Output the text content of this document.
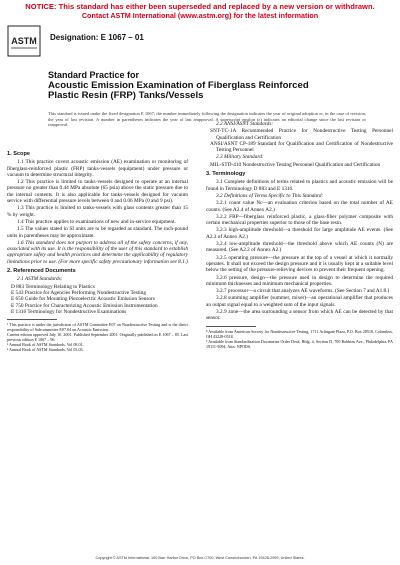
NOTICE: This standard has either been superseded and replaced by a new version or withdrawn.
Contact ASTM International (www.astm.org) for the latest information
ASTM Designation: E 1067 – 01
Standard Practice for
Acoustic Emission Examination of Fiberglass Reinforced
Plastic Resin (FRP) Tanks/Vessels
This standard is issued under the fixed designation E 1067; the number immediately following the designation indicates the year of original adoption or, in the case of revision, the year of last revision. A number in parentheses indicates the year of last reapproval. A superscript epsilon (ε) indicates an editorial change since the last revision or reapproval.
1. Scope

1.1 This practice covers acoustic emission (AE) examination or monitoring of fiberglass-reinforced plastic (FRP) tanks-vessels (equipment) under pressure or vacuum to determine structural integrity.

1.2 This practice is limited to tanks-vessels designed to operate at an internal pressure no greater than 0.44 MPa absolute (65 psia) above the static pressure due to the internal contents. It is also applicable for tanks-vessels designed for vacuum service with differential pressure levels between 0 and 0.06 MPa (0 and 9 psi).

1.3 This practice is limited to tanks-vessels with glass contents greater than 15 % by weight.

1.4 This practice applies to examinations of new and in-service equipment.

1.5 The values stated in SI units are to be regarded as standard. The inch-pound units in parentheses may be approximate.

1.6 This standard does not purport to address all of the safety concerns, if any, associated with its use. It is the responsibility of the user of this standard to establish appropriate safety and health practices and determine the applicability of regulatory limitations prior to use. (For more specific safety precautionary information see 8.1.)

2. Referenced Documents
2.1 ASTM Standards:

D 883 Terminology Relating to Plastics

E 543 Practice for Agencies Performing Nondestructive Testing

E 650 Guide for Mounting Piezoelectric Acoustic Emission Sensors

E 750 Practice for Characterizing Acoustic Emission Instrumentation

E 1316 Terminology for Nondestructive Examinations

¹ This practice is under the jurisdiction of ASTM Committee E07 on Nondestructive Testing and is the direct responsibility of Subcommittee E07.04 on Acoustic Emission.

Current edition approved July 10, 2001. Published September 2001. Originally published as E 1067 – 85. Last previous edition E 1067 – 96.

² Annual Book of ASTM Standards, Vol 08.01.

³ Annual Book of ASTM Standards, Vol 03.03.

2.2 ANSI/ASNT Standards:

SNT-TC-1A Recommended Practice for Nondestructive Testing Personnel Qualification and Certification

ANSI/ASNT CP-189 Standard for Qualification and Certification of Nondestructive Testing Personnel

2.3 Military Standard:

MIL-STD-410 Nondestructive Testing Personnel Qualification and Certification

3. Terminology

3.1 Complete definitions of terms related to plastics and acoustic emission will be found in Terminology D 883 and E 1316.

3.2 Definitions of Terms Specific to This Standard:

3.2.1 count value Nc—an evaluation criterion based on the total number of AE counts. (See A2.4 of Annex A2.)

3.2.2 FRP—fiberglass reinforced plastic, a glass-fiber polymer composite with certain mechanical properties superior to those of the base resin.

3.2.3 high-amplitude threshold—a threshold for large amplitude AE events. (See A2.3 of Annex A2.)

3.2.4 low-amplitude threshold—the threshold above which AE counts (N) are measured. (See A2.2 of Annex A2.)

3.2.5 operating pressure—the pressure at the top of a vessel at which it normally operates. It shall not exceed the design pressure and it is usually kept at a suitable level below the setting of the pressure-relieving devices to prevent their frequent opening.

3.2.6 pressure, design—the pressure used in design to determine the required minimum thicknesses and minimum mechanical properties.

3.2.7 processor—a circuit that analyzes AE waveforms. (See Section 7 and A1.8.)

3.2.8 summing amplifier (summer, mixer)—an operational amplifier that produces an output signal equal to a weighted sum of the input signals.

3.2.9 zone—the area surrounding a sensor from which AE can be detected by that sensor.

⁴ Available from American Society for Nondestructive Testing, 1711 Arlingate Plaza, P.O. Box 28518, Columbus, OH 43228-0518.

⁵ Available from Standardization Documents Order Desk, Bldg. 4, Section D, 700 Robbins Ave., Philadelphia, PA 19111-5094, Attn: NPODS.

Copyright © ASTM International, 100 Barr Harbor Drive, PO Box C700, West Conshohocken, PA 19428-2959, United States.
